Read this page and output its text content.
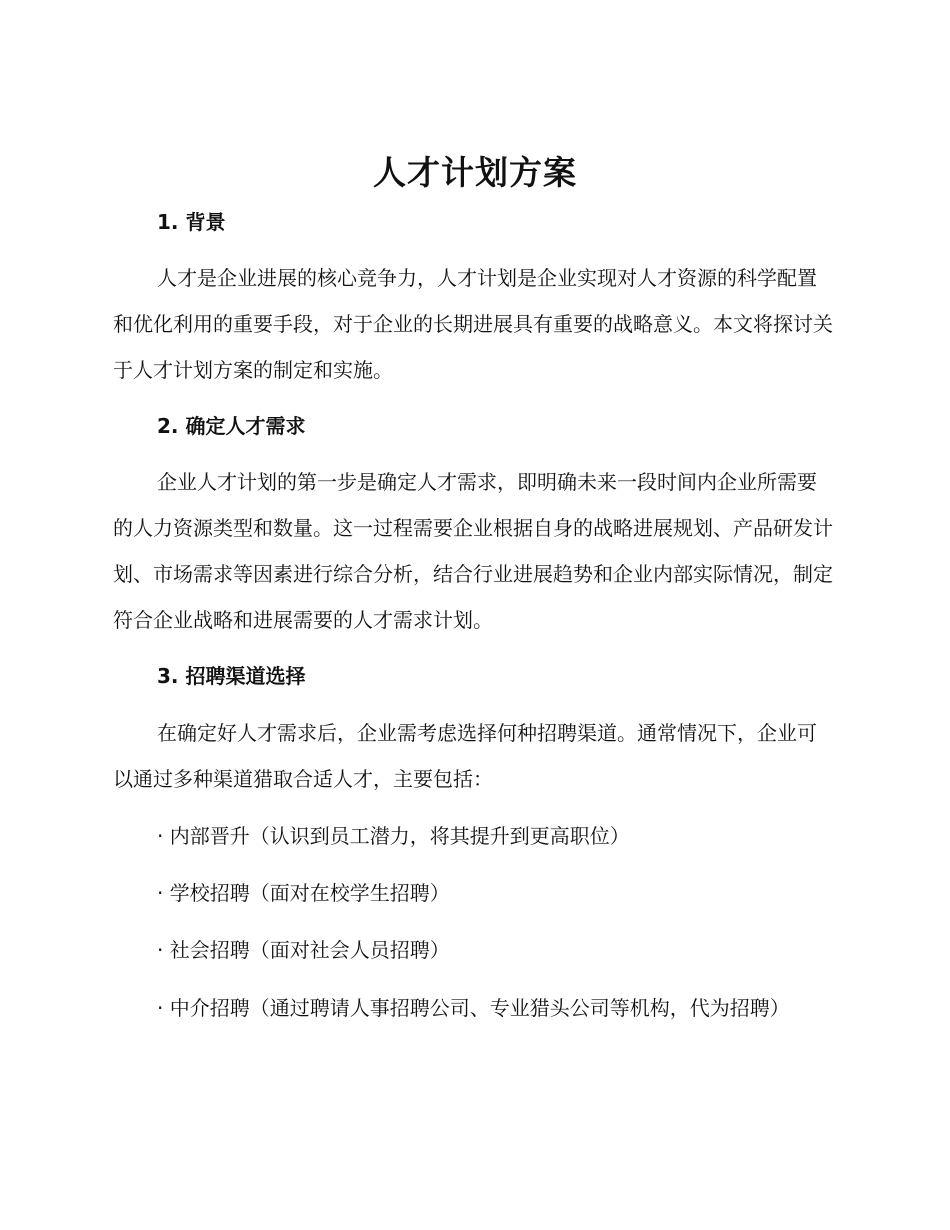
人才计划方案
1. 背景

人才是企业进展的核心竞争力，人才计划是企业实现对人才资源的科学配置和优化利用的重要手段，对于企业的长期进展具有重要的战略意义。本文将探讨关于人才计划方案的制定和实施。

2. 确定人才需求

企业人才计划的第一步是确定人才需求，即明确未来一段时间内企业所需要的人力资源类型和数量。这一过程需要企业根据自身的战略进展规划、产品研发计划、市场需求等因素进行综合分析，结合行业进展趋势和企业内部实际情况，制定符合企业战略和进展需要的人才需求计划。

3. 招聘渠道选择

在确定好人才需求后，企业需考虑选择何种招聘渠道。通常情况下，企业可以通过多种渠道猎取合适人才，主要包括：

· 内部晋升（认识到员工潜力，将其提升到更高职位）

· 学校招聘（面对在校学生招聘）

· 社会招聘（面对社会人员招聘）

· 中介招聘（通过聘请人事招聘公司、专业猎头公司等机构，代为招聘）
